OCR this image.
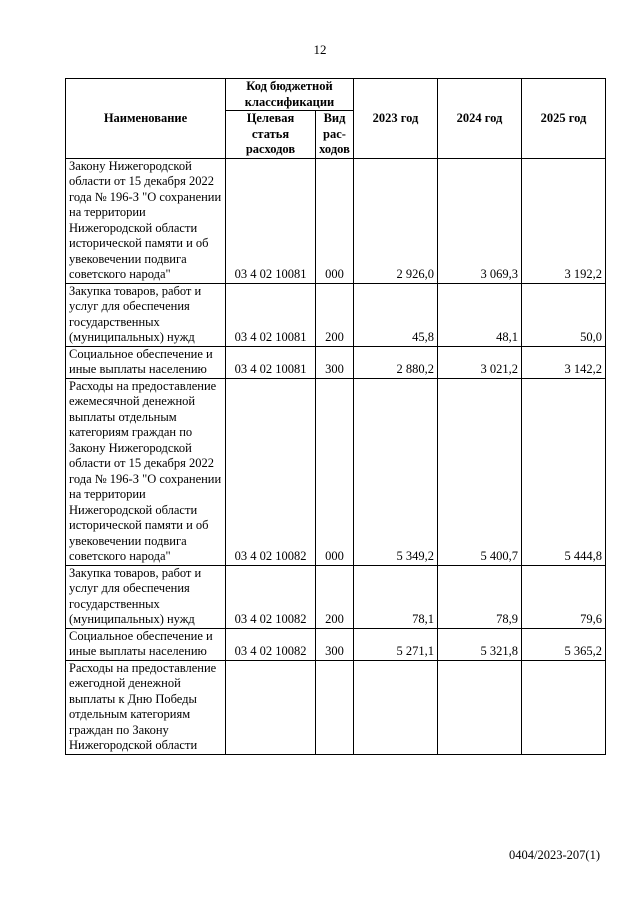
12
Наименование	Код бюджетной классификации		2023 год	2024 год	2025 год
	Целевая статья расходов	Вид рас-ходов			
Закону Нижегородской области от 15 декабря 2022 года № 196-З "О сохранении на территории Нижегородской области исторической памяти и об увековечении подвига советского народа"	03 4 02 10081	000	2 926,0	3 069,3	3 192,2
Закупка товаров, работ и услуг для обеспечения государственных (муниципальных) нужд	03 4 02 10081	200	45,8	48,1	50,0
Социальное обеспечение и иные выплаты населению	03 4 02 10081	300	2 880,2	3 021,2	3 142,2
Расходы на предоставление ежемесячной денежной выплаты отдельным категориям граждан по Закону Нижегородской области от 15 декабря 2022 года № 196-З "О сохранении на территории Нижегородской области исторической памяти и об увековечении подвига советского народа"	03 4 02 10082	000	5 349,2	5 400,7	5 444,8
Закупка товаров, работ и услуг для обеспечения государственных (муниципальных) нужд	03 4 02 10082	200	78,1	78,9	79,6
Социальное обеспечение и иные выплаты населению	03 4 02 10082	300	5 271,1	5 321,8	5 365,2
Расходы на предоставление ежегодной денежной выплаты к Дню Победы отдельным категориям граждан по Закону Нижегородской области					
0404/2023-207(1)
